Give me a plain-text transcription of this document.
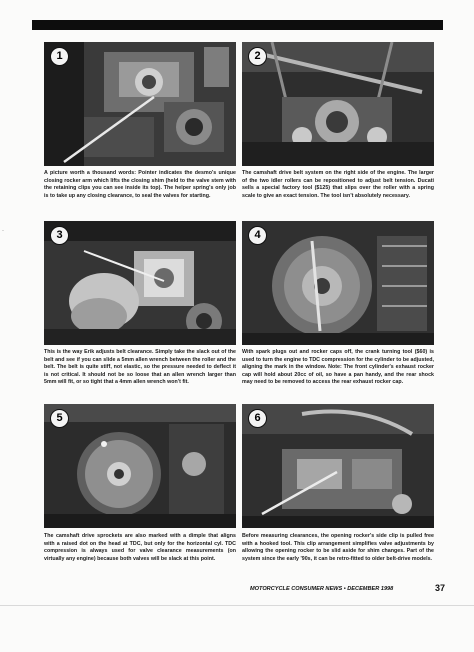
·
1
A picture worth a thousand words: Pointer indicates the desmo's unique closing rocker arm which lifts the closing shim (held to the valve stem with the retaining clips you can see inside its top). The helper spring's only job is to take up any closing clearance, to seal the valves for starting.
2
The camshaft drive belt system on the right side of the engine. The larger of the two idler rollers can be repositioned to adjust belt tension. Ducati sells a special factory tool ($125) that slips over the roller with a spring scale to give an exact tension. The tool isn't absolutely necessary.
3
This is the way Erik adjusts belt clearance. Simply take the slack out of the belt and see if you can slide a 5mm allen wrench between the roller and the belt. The belt is quite stiff, not elastic, so the pressure needed to deflect it is not critical. It should not be so loose that an allen wrench larger than 5mm will fit, or so tight that a 4mm allen wrench won't fit.
4
With spark plugs out and rocker caps off, the crank turning tool ($60) is used to turn the engine to TDC compression for the cylinder to be adjusted, aligning the mark in the window. Note: The front cylinder's exhaust rocker cap will hold about 20cc of oil, so have a pan handy, and the rear shock may need to be removed to access the rear exhaust rocker cap.
5
The camshaft drive sprockets are also marked with a dimple that aligns with a raised dot on the head at TDC, but only for the horizontal cyl. TDC compression is always used for valve clearance measurements (on virtually any engine) because both valves will be slack at this point.
6
Before measuring clearances, the opening rocker's side clip is pulled free with a hooked tool. This clip arrangement simplifies valve adjustments by allowing the opening rocker to be slid aside for shim changes. Part of the system since the early '90s, it can be retro-fitted to older belt-drive models.
MOTORCYCLE CONSUMER NEWS • DECEMBER 1998	37
